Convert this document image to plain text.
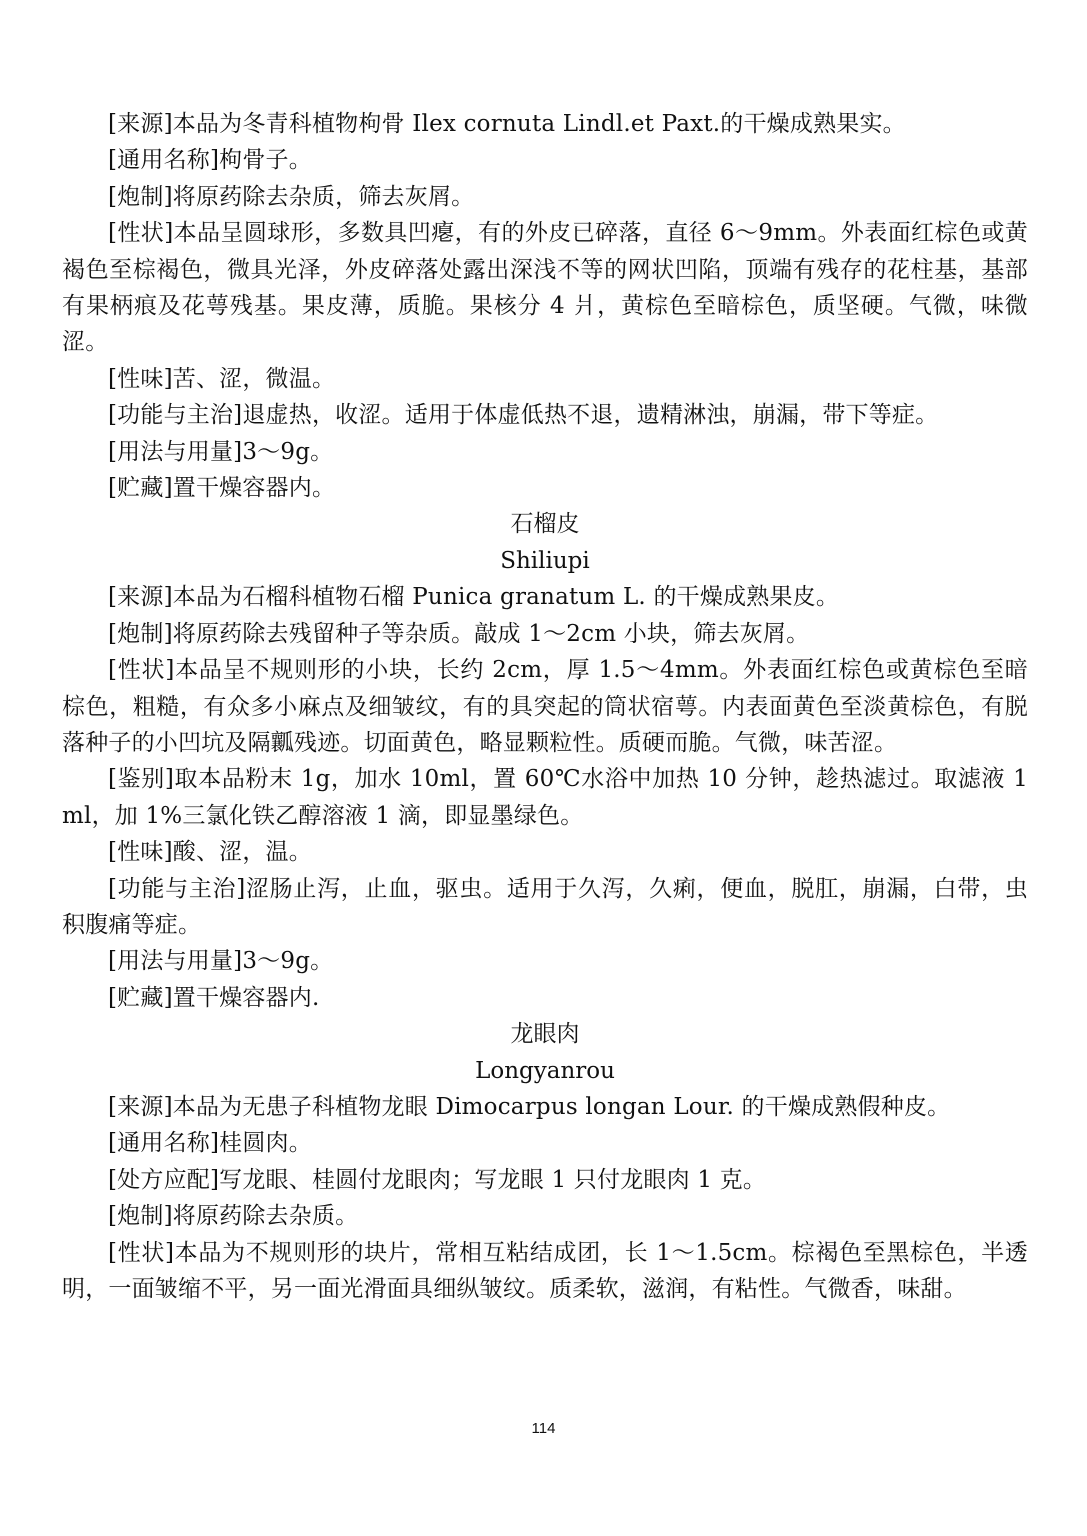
[来源]本品为冬青科植物枸骨 Ilex cornuta Lindl.et Paxt.的干燥成熟果实。

[通用名称]枸骨子。

[炮制]将原药除去杂质，筛去灰屑。

[性状]本品呈圆球形，多数具凹瘪，有的外皮已碎落，直径 6～9mm。外表面红棕色或黄褐色至棕褐色，微具光泽，外皮碎落处露出深浅不等的网状凹陷，顶端有残存的花柱基，基部有果柄痕及花萼残基。果皮薄，质脆。果核分 4 爿，黄棕色至暗棕色，质坚硬。气微，味微涩。

[性味]苦、涩，微温。

[功能与主治]退虚热，收涩。适用于体虚低热不退，遗精淋浊，崩漏，带下等症。

[用法与用量]3～9g。

[贮藏]置干燥容器内。

石榴皮

Shiliupi

[来源]本品为石榴科植物石榴 Punica granatum L. 的干燥成熟果皮。

[炮制]将原药除去残留种子等杂质。敲成 1～2cm 小块，筛去灰屑。

[性状]本品呈不规则形的小块，长约 2cm，厚 1.5～4mm。外表面红棕色或黄棕色至暗棕色，粗糙，有众多小麻点及细皱纹，有的具突起的筒状宿萼。内表面黄色至淡黄棕色，有脱落种子的小凹坑及隔瓤残迹。切面黄色，略显颗粒性。质硬而脆。气微，味苦涩。

[鉴别]取本品粉末 1g，加水 10ml，置 60℃水浴中加热 10 分钟，趁热滤过。取滤液 1ml，加 1%三氯化铁乙醇溶液 1 滴，即显墨绿色。

[性味]酸、涩，温。

[功能与主治]涩肠止泻，止血，驱虫。适用于久泻，久痢，便血，脱肛，崩漏，白带，虫积腹痛等症。

[用法与用量]3～9g。

[贮藏]置干燥容器内.

龙眼肉

Longyanrou

[来源]本品为无患子科植物龙眼 Dimocarpus longan Lour. 的干燥成熟假种皮。

[通用名称]桂圆肉。

[处方应配]写龙眼、桂圆付龙眼肉；写龙眼 1 只付龙眼肉 1 克。

[炮制]将原药除去杂质。

[性状]本品为不规则形的块片，常相互粘结成团，长 1～1.5cm。棕褐色至黑棕色，半透明，一面皱缩不平，另一面光滑面具细纵皱纹。质柔软，滋润，有粘性。气微香，味甜。

114
